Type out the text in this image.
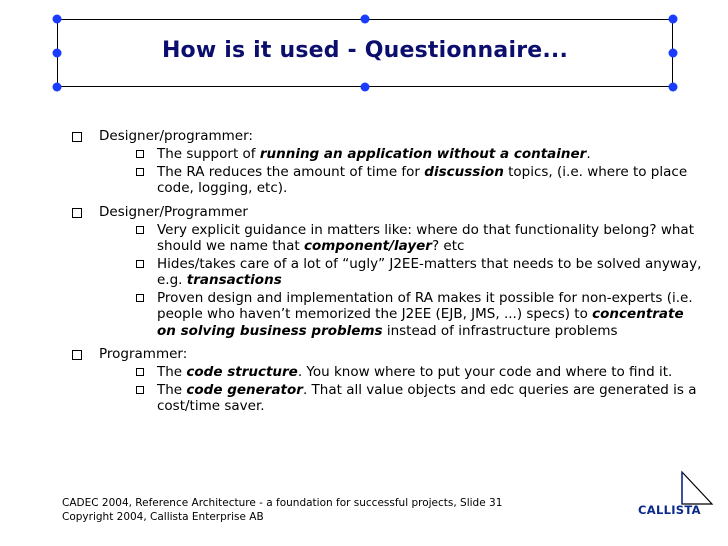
How is it used - Questionnaire...
Designer/programmer:
The support of running an application without a container.
The RA reduces the amount of time for discussion topics, (i.e. where to place code, logging, etc).
Designer/Programmer
Very explicit guidance in matters like: where do that functionality belong? what should we name that component/layer? etc
Hides/takes care of a lot of “ugly” J2EE-matters that needs to be solved anyway, e.g. transactions
Proven design and implementation of RA makes it possible for non-experts (i.e. people who haven’t memorized the J2EE (EJB, JMS, ...) specs) to concentrate on solving business problems instead of infrastructure problems
Programmer:
The code structure. You know where to put your code and where to find it.
The code generator. That all value objects and edc queries are generated is a cost/time saver.
CADEC 2004, Reference Architecture - a foundation for successful projects, Slide 31
Copyright 2004, Callista Enterprise AB	CALLISTA
